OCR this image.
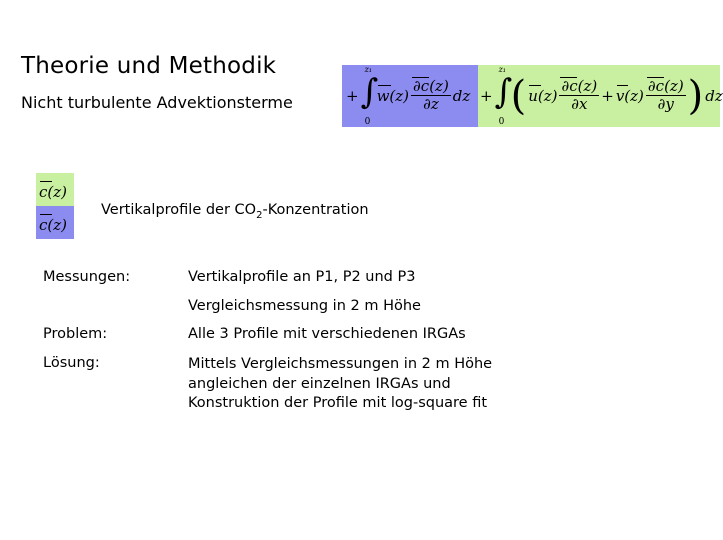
Theorie und Methodik
Nicht turbulente Advektionsterme	+
z₁
∫
0
$w(z) \frac{\partial c(z)}{\partial z}$ dz +
z₁
∫
0
( $u(z) \frac{\partial c(z)}{\partial x} + v(z) \frac{\partial c(z)}{\partial y}$ ) dz
c(z)
c(z)
Vertikalprofile der $CO_2$-Konzentration
Messungen:	Vertikalprofile an P1, P2 und P3
Vergleichsmessung in 2 m Höhe
Problem:	Alle 3 Profile mit verschiedenen IRGAs
Lösung:	Mittels Vergleichsmessungen in 2 m Höhe
angleichen der einzelnen IRGAs und
Konstruktion der Profile mit log-square fit
